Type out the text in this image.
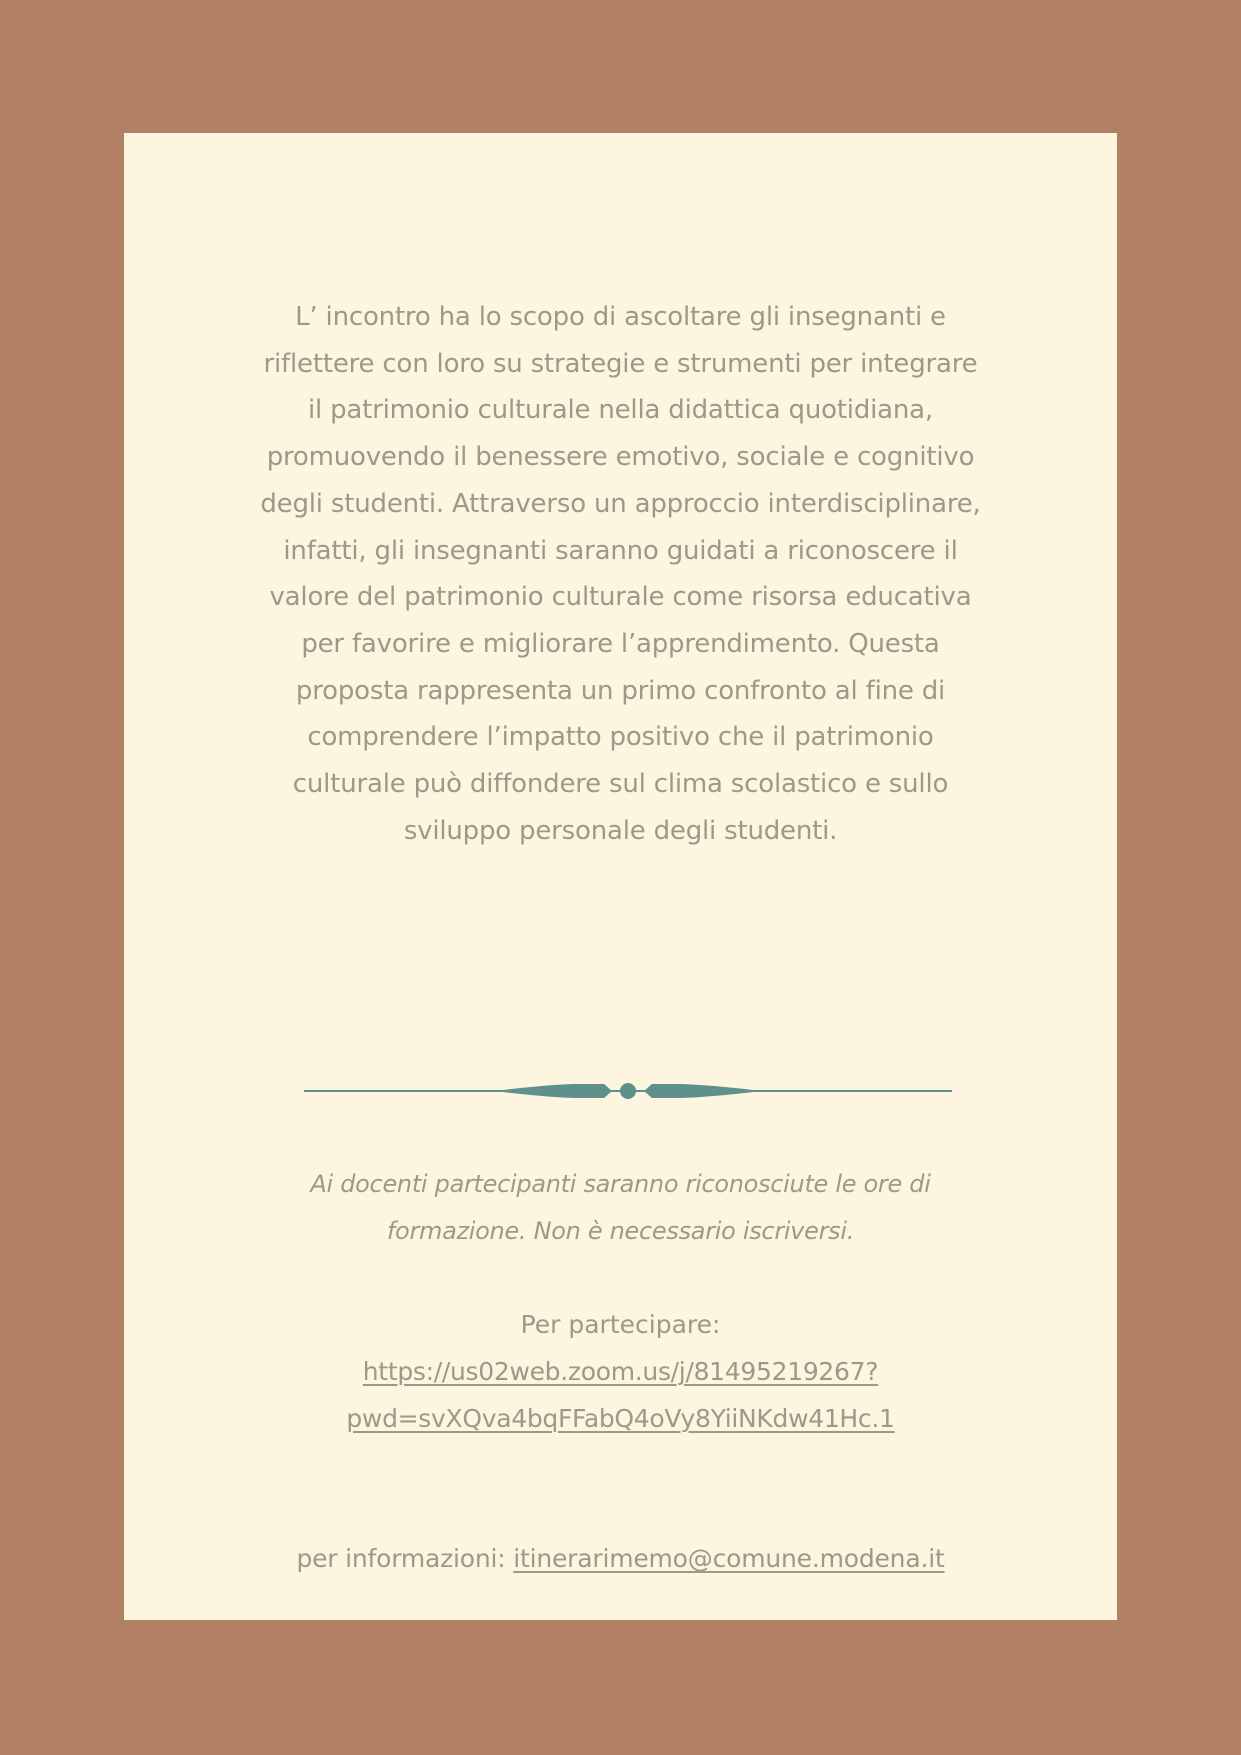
L’ incontro ha lo scopo di ascoltare gli insegnanti e riflettere con loro su strategie e strumenti per integrare il patrimonio culturale nella didattica quotidiana, promuovendo il benessere emotivo, sociale e cognitivo degli studenti. Attraverso un approccio interdisciplinare, infatti, gli insegnanti saranno guidati a riconoscere il valore del patrimonio culturale come risorsa educativa per favorire e migliorare l’apprendimento. Questa proposta rappresenta un primo confronto al fine di comprendere l’impatto positivo che il patrimonio culturale può diffondere sul clima scolastico e sullo sviluppo personale degli studenti.

Ai docenti partecipanti saranno riconosciute le ore di formazione. Non è necessario iscriversi.

Per partecipare:
https://us02web.zoom.us/j/81495219267?
pwd=svXQva4bqFFabQ4oVy8YiiNKdw41Hc.1
per informazioni: itinerarimemo@comune.modena.it
